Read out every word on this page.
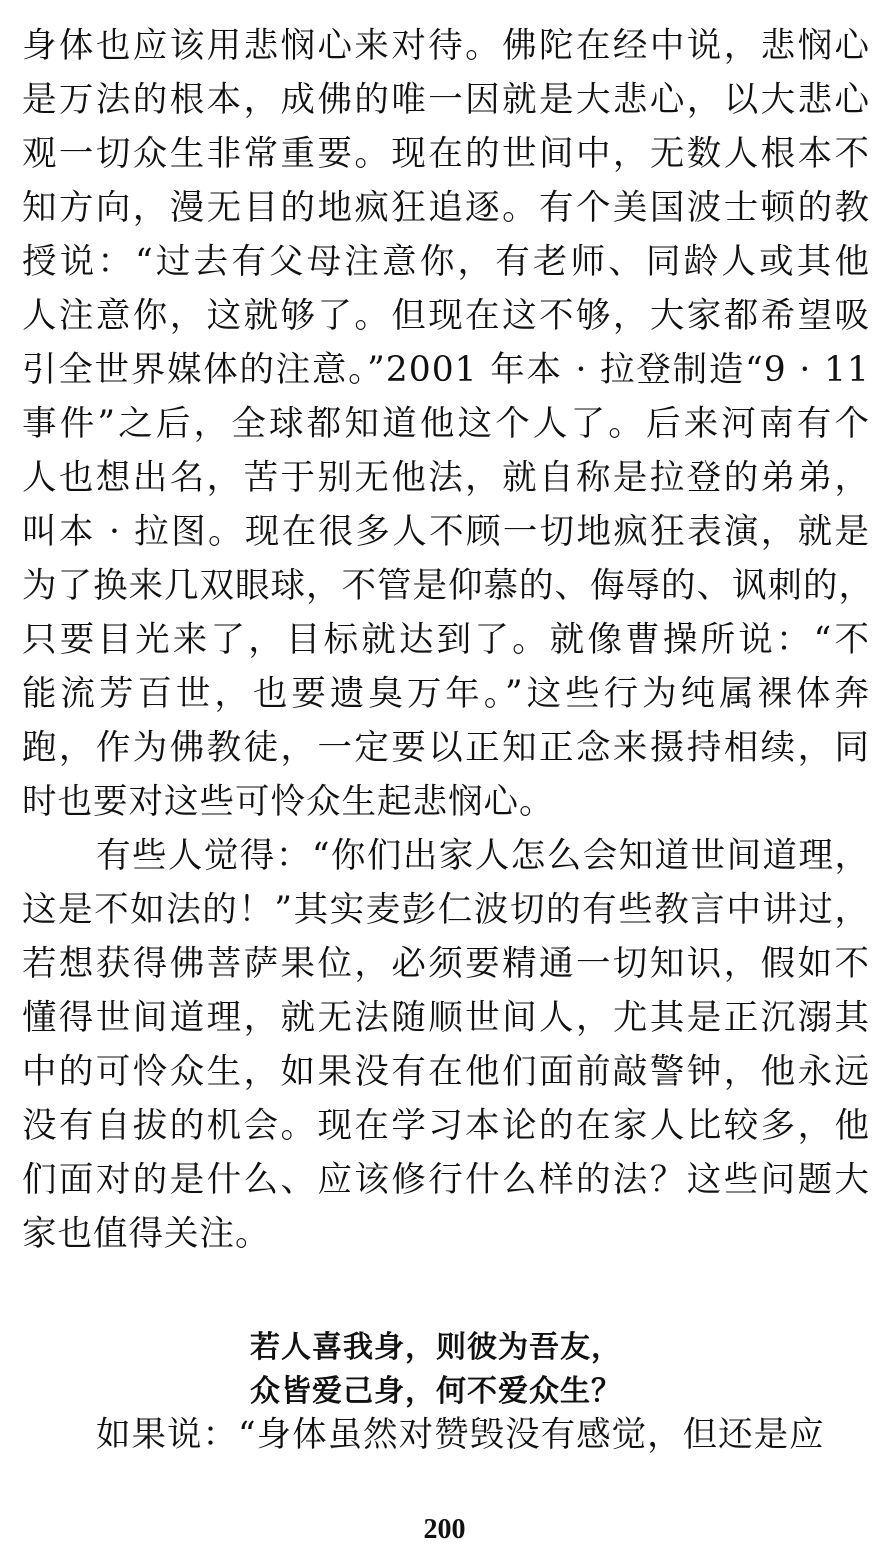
身体也应该用悲悯心来对待。佛陀在经中说，悲悯心
是万法的根本，成佛的唯一因就是大悲心，以大悲心
观一切众生非常重要。现在的世间中，无数人根本不
知方向，漫无目的地疯狂追逐。有个美国波士顿的教
授说：“过去有父母注意你，有老师、同龄人或其他
人注意你，这就够了。但现在这不够，大家都希望吸
引全世界媒体的注意。”2001 年本 · 拉登制造“9 · 11
事件”之后，全球都知道他这个人了。后来河南有个
人也想出名，苦于别无他法，就自称是拉登的弟弟，
叫本 · 拉图。现在很多人不顾一切地疯狂表演，就是
为了换来几双眼球，不管是仰慕的、侮辱的、讽刺的，
只要目光来了，目标就达到了。就像曹操所说：“不
能流芳百世，也要遗臭万年。”这些行为纯属裸体奔
跑，作为佛教徒，一定要以正知正念来摄持相续，同
时也要对这些可怜众生起悲悯心。
有些人觉得：“你们出家人怎么会知道世间道理，
这是不如法的！”其实麦彭仁波切的有些教言中讲过，
若想获得佛菩萨果位，必须要精通一切知识，假如不
懂得世间道理，就无法随顺世间人，尤其是正沉溺其
中的可怜众生，如果没有在他们面前敲警钟，他永远
没有自拔的机会。现在学习本论的在家人比较多，他
们面对的是什么、应该修行什么样的法？这些问题大
家也值得关注。
若人喜我身，则彼为吾友，
众皆爱己身，何不爱众生？
如果说：“身体虽然对赞毁没有感觉，但还是应
200
